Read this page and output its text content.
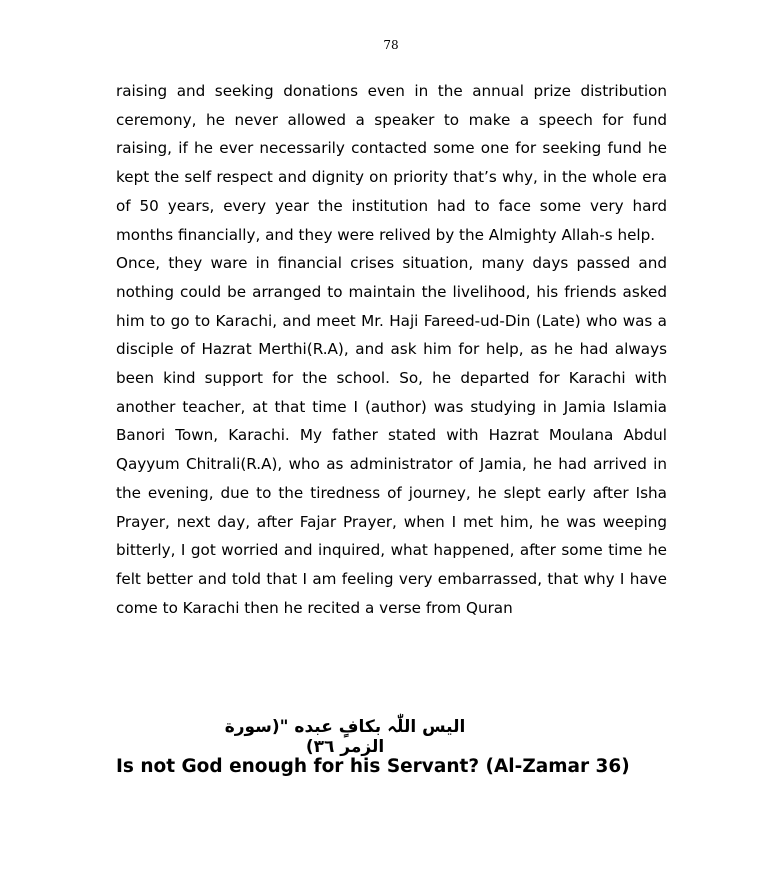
78

raising and seeking donations even in the annual prize distribution ceremony, he never allowed a speaker to make a speech for fund raising, if he ever necessarily contacted some one for seeking fund he kept the self respect and dignity on priority that’s why, in the whole era of 50 years, every year the institution had to face some very hard months financially, and they were relived by the Almighty Allah-s help.

Once, they ware in financial crises situation, many days passed and nothing could be arranged to maintain the livelihood, his friends asked him to go to Karachi, and meet Mr. Haji Fareed-ud-Din (Late) who was a disciple of Hazrat Merthi(R.A), and ask him for help, as he had always been kind support for the school. So, he departed for Karachi with another teacher, at that time I (author) was studying in Jamia Islamia Banori Town, Karachi. My father stated with Hazrat Moulana Abdul Qayyum Chitrali(R.A), who as administrator of Jamia, he had arrived in the evening, due to the tiredness of journey, he slept early after Isha Prayer, next day, after Fajar Prayer, when I met him, he was weeping bitterly, I got worried and inquired, what happened, after some time he felt better and told that I am feeling very embarrassed, that why I have come to Karachi then he recited a verse from Quran

اليس اللّٰہ بكافٍ عبده "(سورة الزمر ٣٦)

Is not God enough for his Servant? (Al-Zamar 36)
